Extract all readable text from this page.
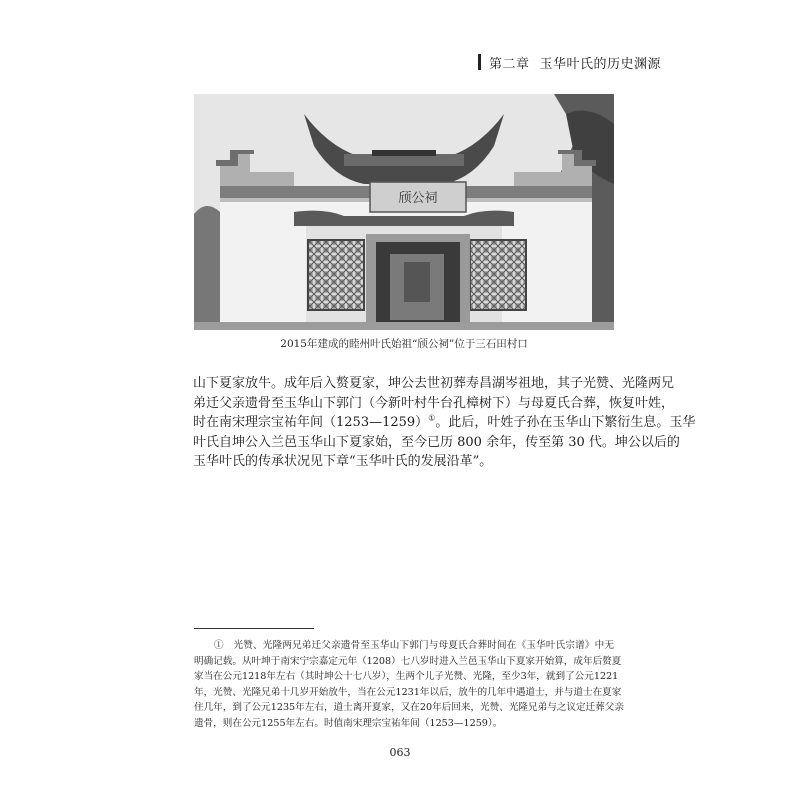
第二章 玉华叶氏的历史渊源
颀公祠
2015年建成的睦州叶氏始祖“颀公祠”位于三石田村口
山下夏家放牛。成年后入赘夏家，坤公去世初葬寿昌湖岑祖地，其子光赞、光隆两兄
弟迁父亲遗骨至玉华山下郭门（今新叶村牛台孔樟树下）与母夏氏合葬，恢复叶姓，
时在南宋理宗宝祐年间（1253—1259）①。此后，叶姓子孙在玉华山下繁衍生息。玉华
叶氏自坤公入兰邑玉华山下夏家始，至今已历 800 余年，传至第 30 代。坤公以后的
玉华叶氏的传承状况见下章“玉华叶氏的发展沿革”。
①  光赞、光隆两兄弟迁父亲遗骨至玉华山下郭门与母夏氏合葬时间在《玉华叶氏宗谱》中无
明确记载。从叶坤于南宋宁宗嘉定元年（1208）七八岁时进入兰邑玉华山下夏家开始算，成年后赘夏
家当在公元1218年左右（其时坤公十七八岁），生两个儿子光赞、光隆，至少3年，就到了公元1221
年，光赞、光隆兄弟十几岁开始放牛，当在公元1231年以后，放牛的几年中遇道士，并与道士在夏家
住几年，到了公元1235年左右，道士离开夏家，又在20年后回来，光赞、光隆兄弟与之议定迁葬父亲
遗骨，则在公元1255年左右。时值南宋理宗宝祐年间（1253—1259）。
063
